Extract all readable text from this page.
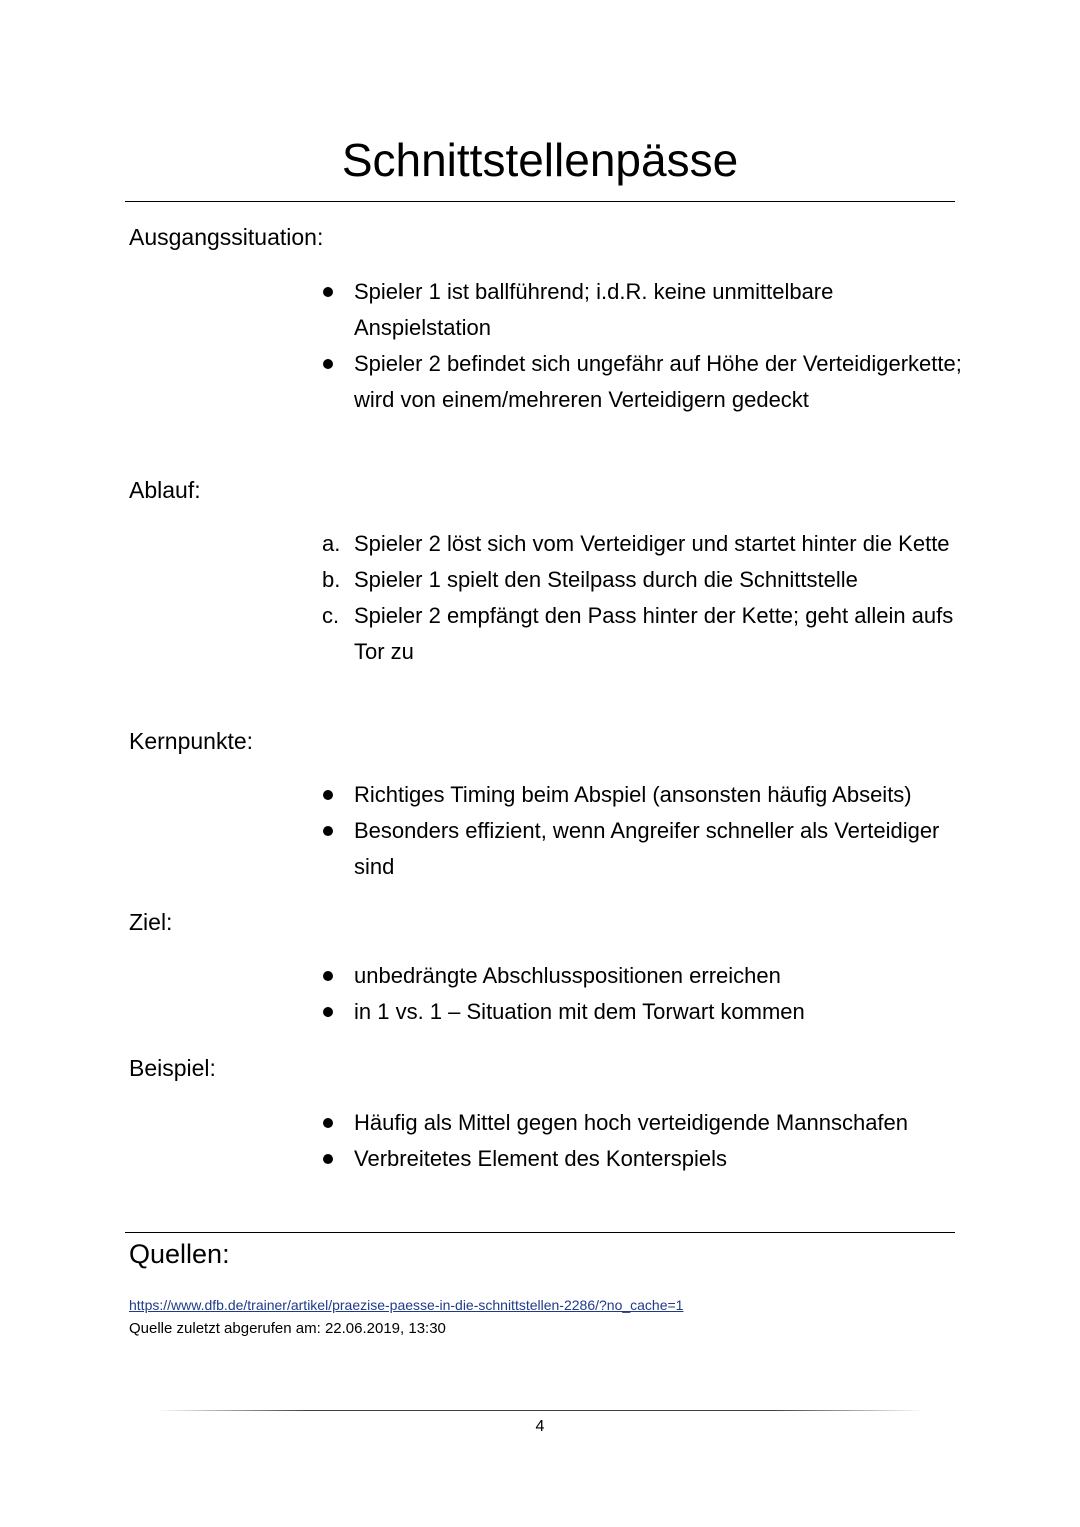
Schnittstellenpässe
Ausgangssituation:
Spieler 1 ist ballführend; i.d.R. keine unmittelbare Anspielstation
Spieler 2 befindet sich ungefähr auf Höhe der Verteidigerkette; wird von einem/mehreren Verteidigern gedeckt
Ablauf:
a. Spieler 2 löst sich vom Verteidiger und startet hinter die Kette
b. Spieler 1 spielt den Steilpass durch die Schnittstelle
c. Spieler 2 empfängt den Pass hinter der Kette; geht allein aufs Tor zu
Kernpunkte:
Richtiges Timing beim Abspiel (ansonsten häufig Abseits)
Besonders effizient, wenn Angreifer schneller als Verteidiger sind
Ziel:
unbedrängte Abschlusspositionen erreichen
in 1 vs. 1 – Situation mit dem Torwart kommen
Beispiel:
Häufig als Mittel gegen hoch verteidigende Mannschafen
Verbreitetes Element des Konterspiels
Quellen:
https://www.dfb.de/trainer/artikel/praezise-paesse-in-die-schnittstellen-2286/?no_cache=1
Quelle zuletzt abgerufen am: 22.06.2019, 13:30
4
